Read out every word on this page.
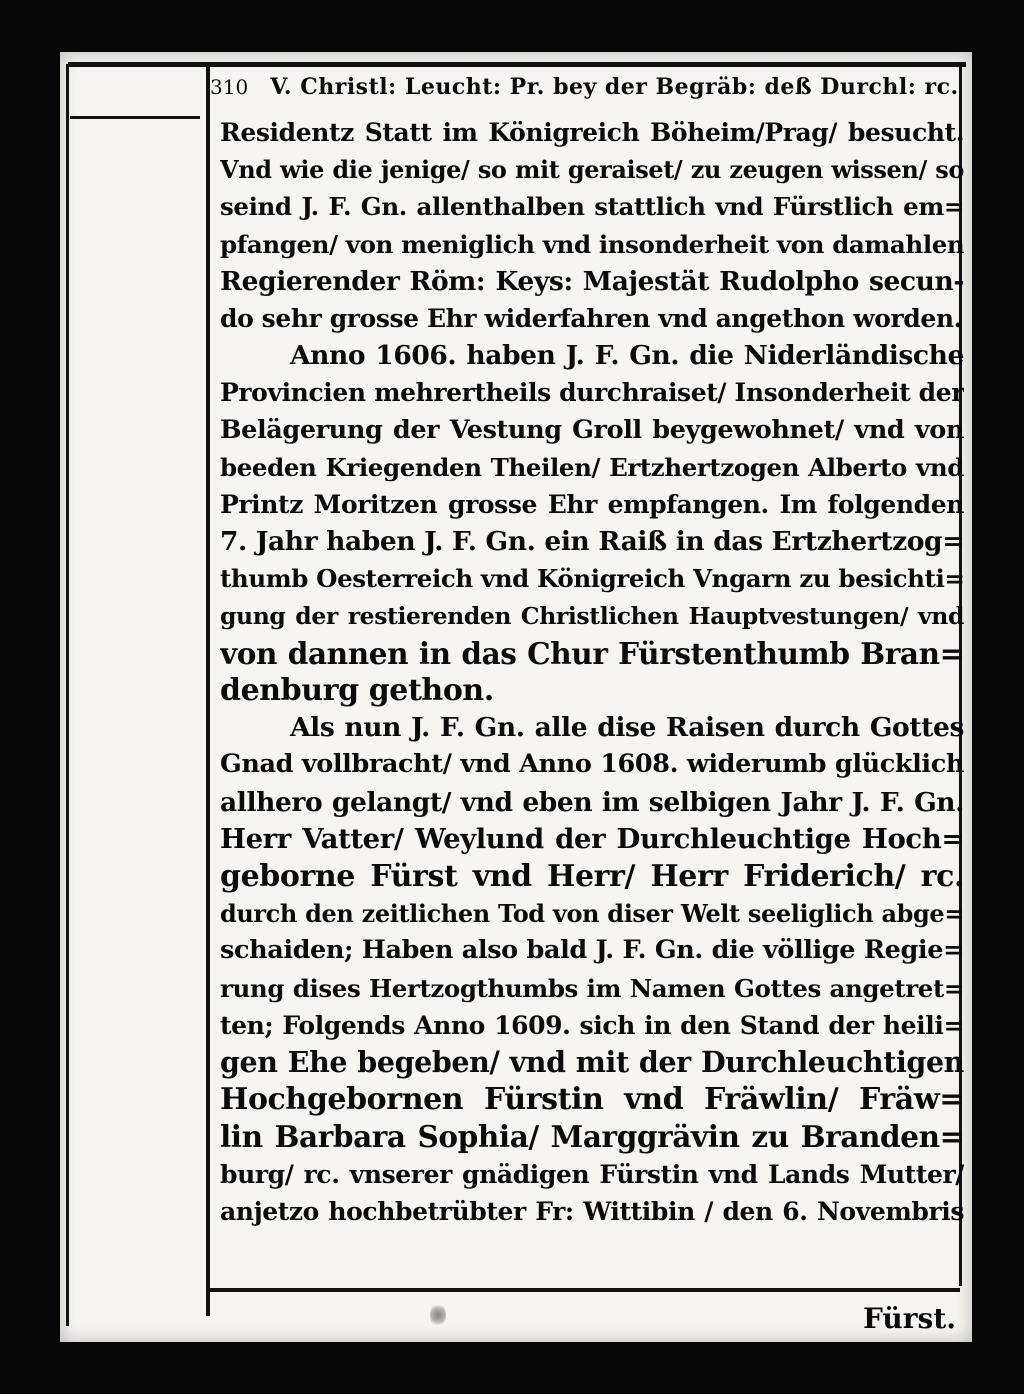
310 V. Christl: Leucht: Pr. bey der Begräb: deß Durchl: rc.
Residentz Statt im Königreich Böheim/Prag/ besucht.
Vnd wie die jenige/ so mit geraiset/ zu zeugen wissen/ so
seind J. F. Gn. allenthalben stattlich vnd Fürstlich em=
pfangen/ von meniglich vnd insonderheit von damahlen
Regierender Röm: Keys: Majestät Rudolpho secun-
do sehr grosse Ehr widerfahren vnd angethon worden.
Anno 1606. haben J. F. Gn. die Niderländische
Provincien mehrertheils durchraiset/ Insonderheit der
Belägerung der Vestung Groll beygewohnet/ vnd von
beeden Kriegenden Theilen/ Ertzhertzogen Alberto vnd
Printz Moritzen grosse Ehr empfangen. Im folgenden
7. Jahr haben J. F. Gn. ein Raiß in das Ertzhertzog=
thumb Oesterreich vnd Königreich Vngarn zu besichti=
gung der restierenden Christlichen Hauptvestungen/ vnd
von dannen in das Chur Fürstenthumb Bran=
denburg gethon.
Als nun J. F. Gn. alle dise Raisen durch Gottes
Gnad vollbracht/ vnd Anno 1608. widerumb glücklich
allhero gelangt/ vnd eben im selbigen Jahr J. F. Gn.
Herr Vatter/ Weylund der Durchleuchtige Hoch=
geborne Fürst vnd Herr/ Herr Friderich/ rc.
durch den zeitlichen Tod von diser Welt seeliglich abge=
schaiden; Haben also bald J. F. Gn. die völlige Regie=
rung dises Hertzogthumbs im Namen Gottes angetret=
ten; Folgends Anno 1609. sich in den Stand der heili=
gen Ehe begeben/ vnd mit der Durchleuchtigen
Hochgebornen Fürstin vnd Fräwlin/ Fräw=
lin Barbara Sophia/ Marggrävin zu Branden=
burg/ rc. vnserer gnädigen Fürstin vnd Lands Mutter/
anjetzo hochbetrübter Fr: Wittibin / den 6. Novembris
Fürst.
